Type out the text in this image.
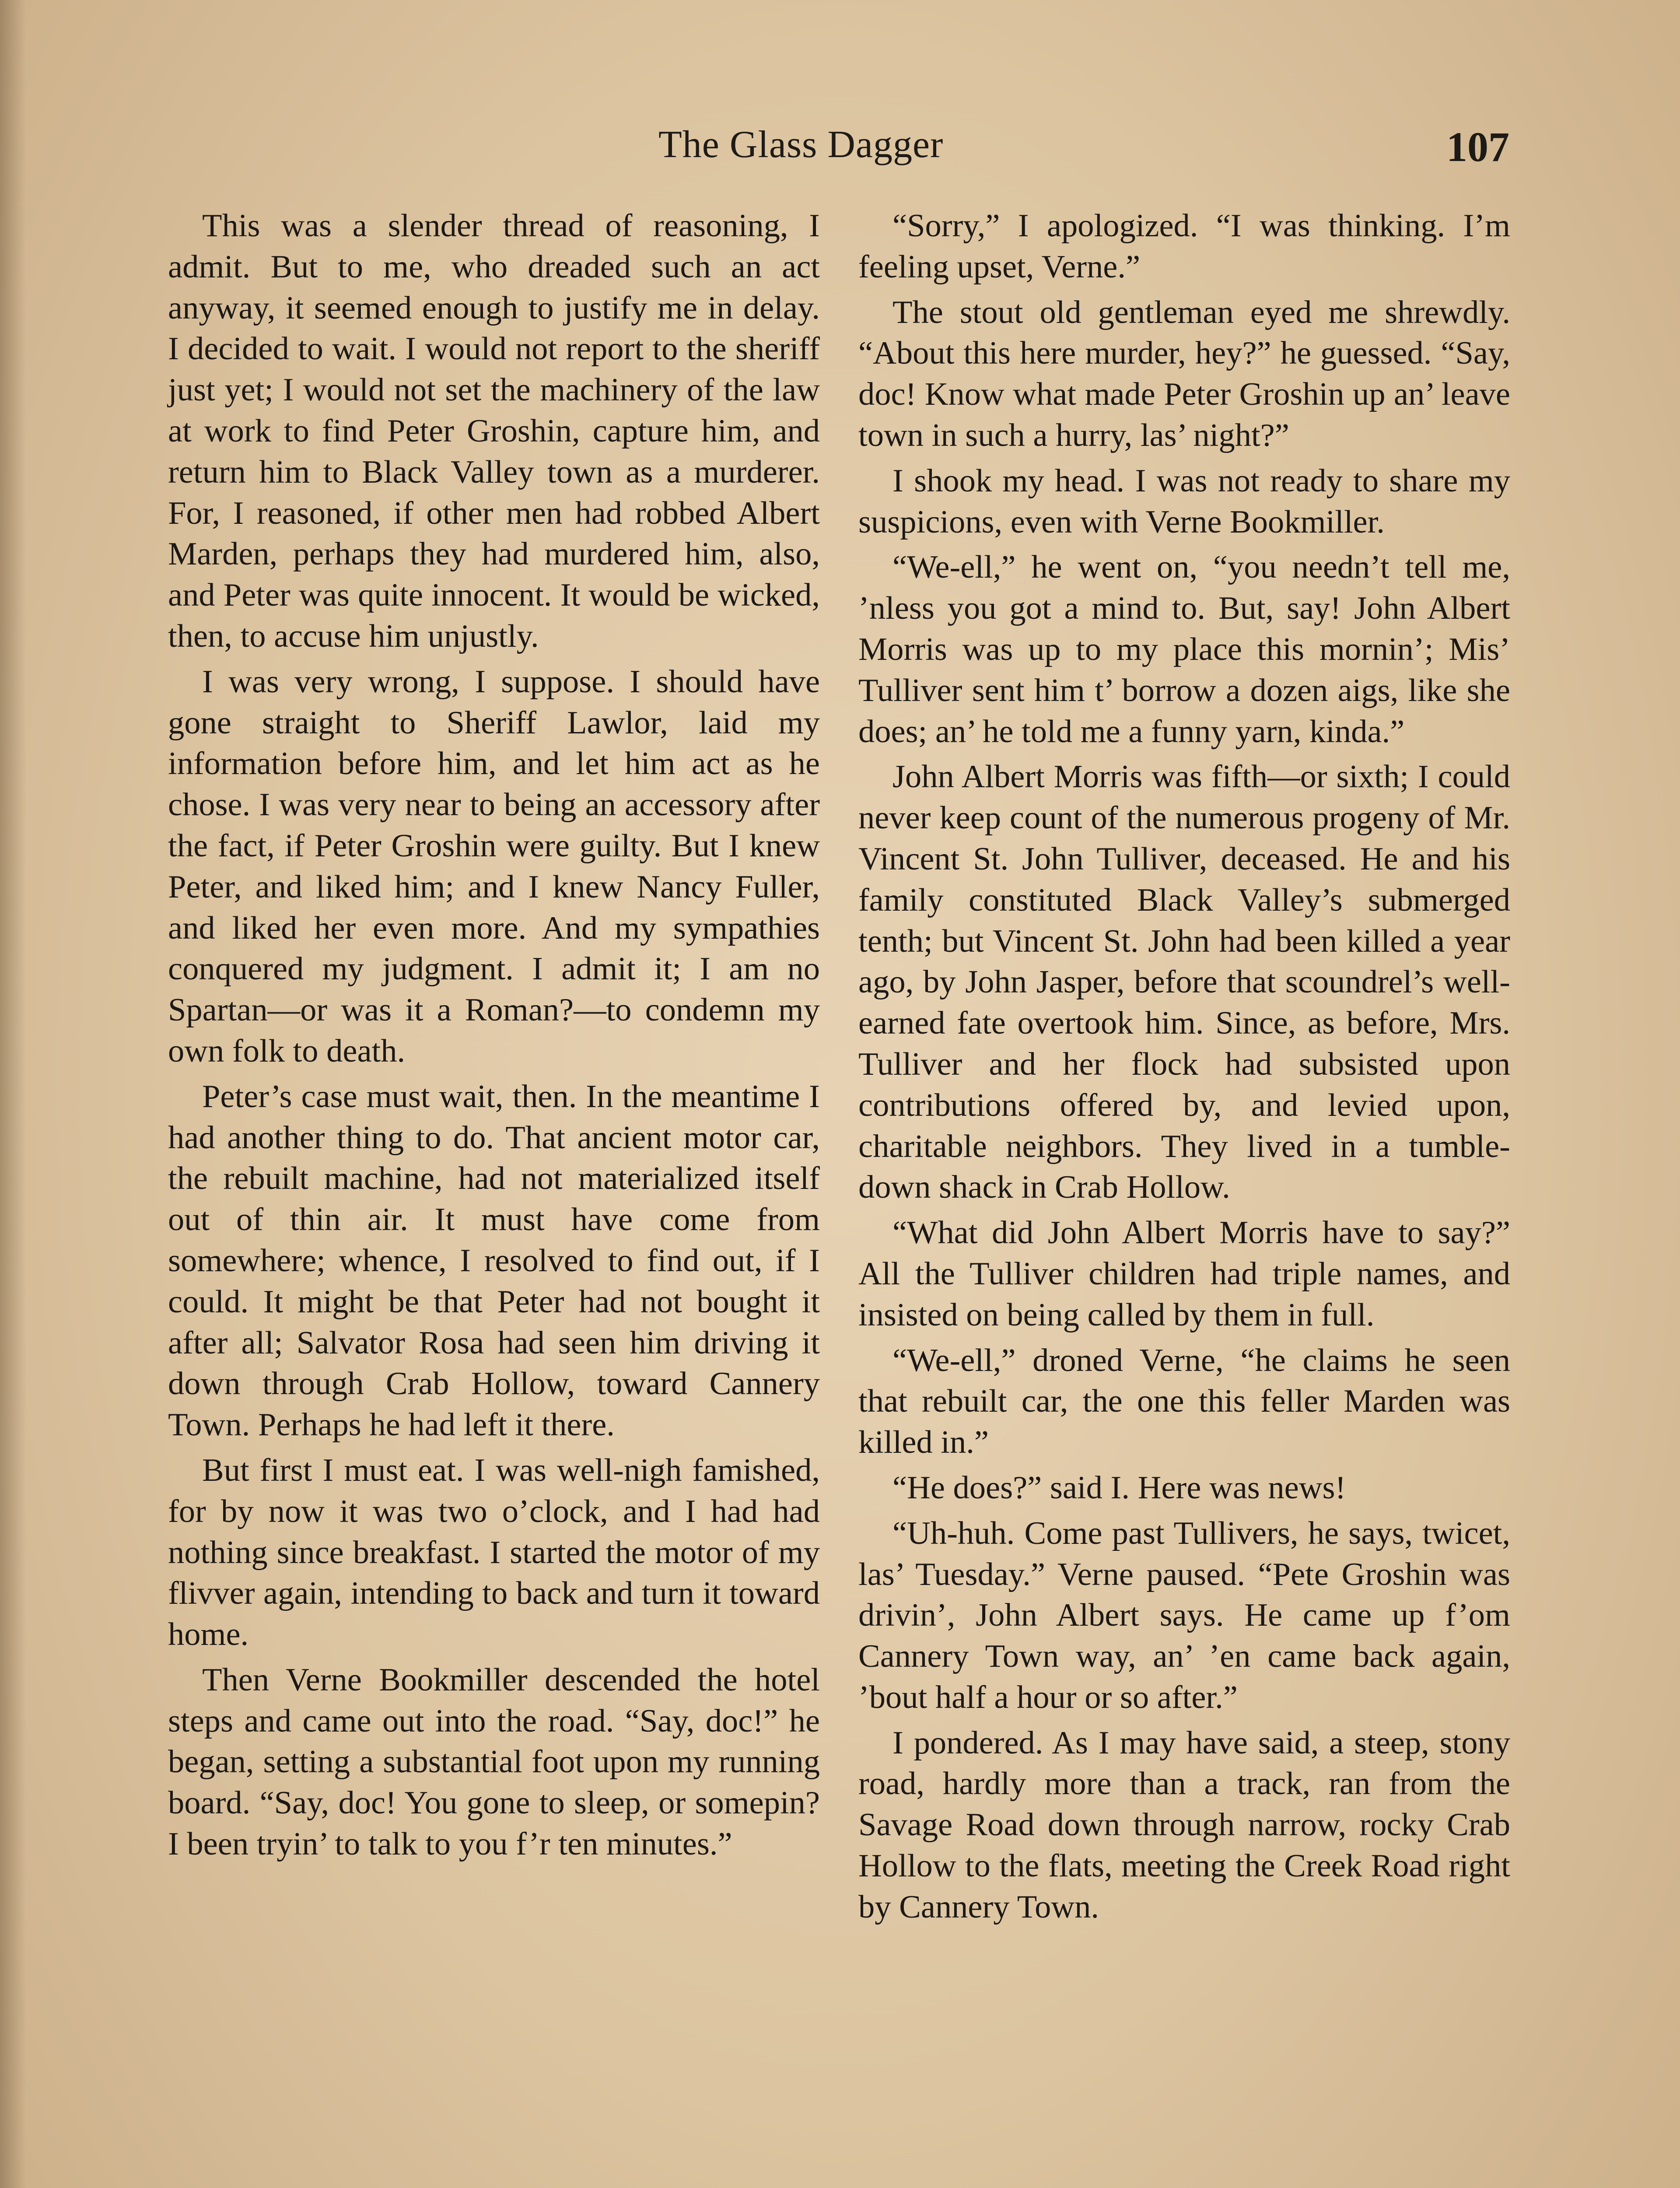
The Glass Dagger	107

This was a slender thread of reasoning, I admit. But to me, who dreaded such an act anyway, it seemed enough to justify me in delay. I decided to wait. I would not report to the sheriff just yet; I would not set the machinery of the law at work to find Peter Groshin, capture him, and return him to Black Valley town as a murderer. For, I reasoned, if other men had robbed Albert Marden, perhaps they had murdered him, also, and Peter was quite innocent. It would be wicked, then, to accuse him unjustly.

I was very wrong, I suppose. I should have gone straight to Sheriff Lawlor, laid my information before him, and let him act as he chose. I was very near to being an accessory after the fact, if Peter Groshin were guilty. But I knew Peter, and liked him; and I knew Nancy Fuller, and liked her even more. And my sympathies conquered my judgment. I admit it; I am no Spartan—or was it a Roman?—to condemn my own folk to death.

Peter’s case must wait, then. In the meantime I had another thing to do. That ancient motor car, the rebuilt machine, had not materialized itself out of thin air. It must have come from somewhere; whence, I resolved to find out, if I could. It might be that Peter had not bought it after all; Salvator Rosa had seen him driving it down through Crab Hollow, toward Cannery Town. Perhaps he had left it there.

But first I must eat. I was well-nigh famished, for by now it was two o’clock, and I had had nothing since breakfast. I started the motor of my flivver again, intending to back and turn it toward home.

Then Verne Bookmiller descended the hotel steps and came out into the road. “Say, doc!” he began, setting a substantial foot upon my running board. “Say, doc! You gone to sleep, or somepin? I been tryin’ to talk to you f’r ten minutes.”

“Sorry,” I apologized. “I was thinking. I’m feeling upset, Verne.”

The stout old gentleman eyed me shrewdly. “About this here murder, hey?” he guessed. “Say, doc! Know what made Peter Groshin up an’ leave town in such a hurry, las’ night?”

I shook my head. I was not ready to share my suspicions, even with Verne Bookmiller.

“We-ell,” he went on, “you needn’t tell me, ’nless you got a mind to. But, say! John Albert Morris was up to my place this mornin’; Mis’ Tulliver sent him t’ borrow a dozen aigs, like she does; an’ he told me a funny yarn, kinda.”

John Albert Morris was fifth—or sixth; I could never keep count of the numerous progeny of Mr. Vincent St. John Tulliver, deceased. He and his family constituted Black Valley’s submerged tenth; but Vincent St. John had been killed a year ago, by John Jasper, before that scoundrel’s well-earned fate overtook him. Since, as before, Mrs. Tulliver and her flock had subsisted upon contributions offered by, and levied upon, charitable neighbors. They lived in a tumble-down shack in Crab Hollow.

“What did John Albert Morris have to say?” All the Tulliver children had triple names, and insisted on being called by them in full.

“We-ell,” droned Verne, “he claims he seen that rebuilt car, the one this feller Marden was killed in.”

“He does?” said I. Here was news!

“Uh-huh. Come past Tullivers, he says, twicet, las’ Tuesday.” Verne paused. “Pete Groshin was drivin’, John Albert says. He came up f’om Cannery Town way, an’ ’en came back again, ’bout half a hour or so after.”

I pondered. As I may have said, a steep, stony road, hardly more than a track, ran from the Savage Road down through narrow, rocky Crab Hollow to the flats, meeting the Creek Road right by Cannery Town.
